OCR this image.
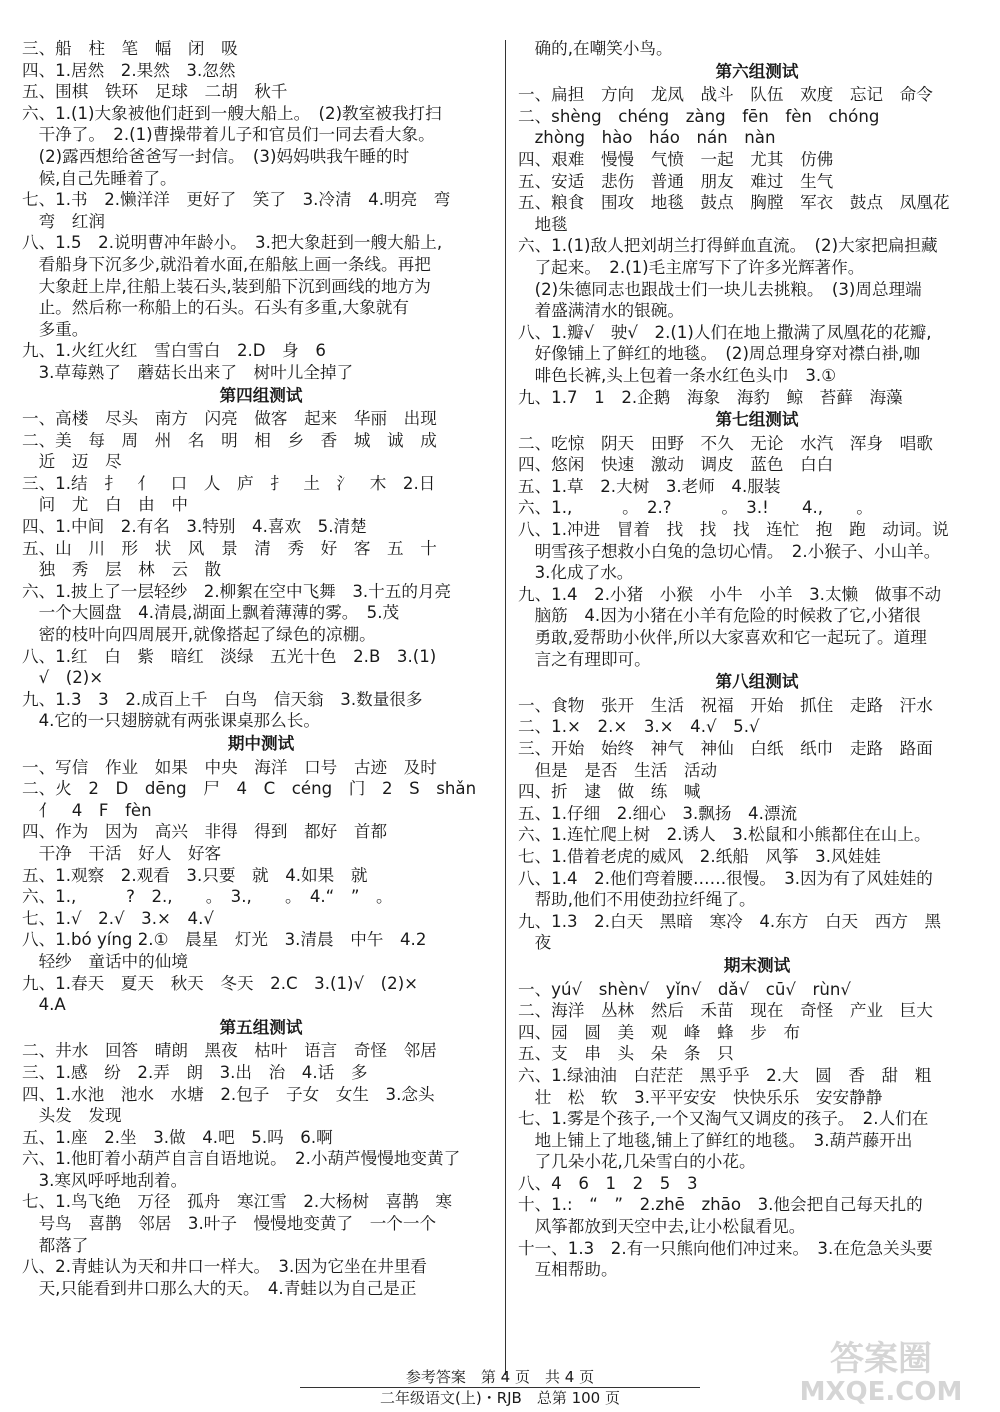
三、船　柱　笔　幅　闭　吸
四、1.居然　2.果然　3.忽然
五、围棋　铁环　足球　二胡　秋千
六、1.(1)大象被他们赶到一艘大船上。　(2)教室被我打扫
　干净了。　2.(1)曹操带着儿子和官员们一同去看大象。
　(2)露西想给爸爸写一封信。　(3)妈妈哄我午睡的时
　候,自己先睡着了。
七、1.书　2.懒洋洋　更好了　笑了　3.冷清　4.明亮　弯
　弯　红润
八、1.5　2.说明曹冲年龄小。　3.把大象赶到一艘大船上,
　看船身下沉多少,就沿着水面,在船舷上画一条线。再把
　大象赶上岸,往船上装石头,装到船下沉到画线的地方为
　止。然后称一称船上的石头。石头有多重,大象就有
　多重。
九、1.火红火红　雪白雪白　2.D　身　6
　3.草莓熟了　蘑菇长出来了　树叶儿全掉了
第四组测试
一、高楼　尽头　南方　闪亮　做客　起来　华丽　出现
二、美　每　周　州　名　明　相　乡　香　城　诚　成
　近　迈　尽
三、1.结　扌　亻　口　人　庐　扌　土　氵　木　2.日
　问　尤　白　由　中
四、1.中间　2.有名　3.特别　4.喜欢　5.清楚
五、山　川　形　状　风　景　清　秀　好　客　五　十
　独　秀　层　林　云　散
六、1.披上了一层轻纱　2.柳絮在空中飞舞　3.十五的月亮
　一个大圆盘　4.清晨,湖面上飘着薄薄的雾。　5.茂
　密的枝叶向四周展开,就像搭起了绿色的凉棚。
八、1.红　白　紫　暗红　淡绿　五光十色　2.B　3.(1)
　√　(2)×
九、1.3　3　2.成百上千　白鸟　信天翁　3.数量很多
　4.它的一只翅膀就有两张课桌那么长。
期中测试
一、写信　作业　如果　中央　海洋　口号　古迹　及时
二、火　2　D　dēng　尸　4　C　céng　门　2　S　shǎn
　亻　4　F　fèn
四、作为　因为　高兴　非得　得到　都好　首都
　干净　干活　好人　好客
五、1.观察　2.观看　3.只要　就　4.如果　就
六、1.,　　　?　2.,　　。　3.,　　。　4.“　”　。
七、1.√　2.√　3.×　4.√
八、1.bó yíng 2.①　晨星　灯光　3.清晨　中午　4.2
　轻纱　童话中的仙境
九、1.春天　夏天　秋天　冬天　2.C　3.(1)√　(2)×
　4.A
第五组测试
二、井水　回答　晴朗　黑夜　枯叶　语言　奇怪　邻居
三、1.感　纷　2.弄　朗　3.出　治　4.话　多
四、1.水池　池水　水塘　2.包子　子女　女生　3.念头
　头发　发现
五、1.座　2.坐　3.做　4.吧　5.吗　6.啊
六、1.他盯着小葫芦自言自语地说。　2.小葫芦慢慢地变黄了
　3.寒风呼呼地刮着。
七、1.鸟飞绝　万径　孤舟　寒江雪　2.大杨树　喜鹊　寒
　号鸟　喜鹊　邻居　3.叶子　慢慢地变黄了　一个一个
　都落了
八、2.青蛙认为天和井口一样大。　3.因为它坐在井里看
　天,只能看到井口那么大的天。　4.青蛙以为自己是正
　确的,在嘲笑小鸟。
第六组测试
一、扁担　方向　龙凤　战斗　队伍　欢度　忘记　命令
二、shèng　chéng　zàng　fēn　fèn　chóng
　zhòng　hào　háo　nán　nàn
四、艰难　慢慢　气愤　一起　尤其　仿佛
五、安适　悲伤　普通　朋友　难过　生气
五、粮食　围攻　地毯　鼓点　胸膛　军衣　鼓点　凤凰花
　地毯
六、1.(1)敌人把刘胡兰打得鲜血直流。　(2)大家把扁担藏
　了起来。　2.(1)毛主席写下了许多光辉著作。
　(2)朱德同志也跟战士们一块儿去挑粮。　(3)周总理端
　着盛满清水的银碗。
八、1.瓣√　驶√　2.(1)人们在地上撒满了凤凰花的花瓣,
　好像铺上了鲜红的地毯。　(2)周总理身穿对襟白褂,咖
　啡色长裤,头上包着一条水红色头巾　3.①
九、1.7　1　2.企鹅　海象　海豹　鲸　苔藓　海藻
第七组测试
二、吃惊　阴天　田野　不久　无论　水汽　浑身　唱歌
四、悠闲　快速　激动　调皮　蓝色　白白
五、1.草　2.大树　3.老师　4.服装
六、1.,　　　。　2.?　　　。　3.!　　4.,　　。
八、1.冲进　冒着　找　找　找　连忙　抱　跑　动词。说
　明雪孩子想救小白兔的急切心情。　2.小猴子、小山羊。
　3.化成了水。
九、1.4　2.小猪　小猴　小牛　小羊　3.太懒　做事不动
　脑筋　4.因为小猪在小羊有危险的时候救了它,小猪很
　勇敢,爱帮助小伙伴,所以大家喜欢和它一起玩了。道理
　言之有理即可。
第八组测试
一、食物　张开　生活　祝福　开始　抓住　走路　汗水
二、1.×　2.×　3.×　4.√　5.√
三、开始　始终　神气　神仙　白纸　纸巾　走路　路面
　但是　是否　生活　活动
四、折　逮　做　练　喊
五、1.仔细　2.细心　3.飘扬　4.漂流
六、1.连忙爬上树　2.诱人　3.松鼠和小熊都住在山上。
七、1.借着老虎的威风　2.纸船　风筝　3.风娃娃
八、1.4　2.他们弯着腰……很慢。　3.因为有了风娃娃的
　帮助,他们不用使劲拉纤绳了。
九、1.3　2.白天　黑暗　寒冷　4.东方　白天　西方　黑
　夜
期末测试
一、yú√　shèn√　yǐn√　dǎ√　cū√　rùn√
二、海洋　丛林　然后　禾苗　现在　奇怪　产业　巨大
四、园　圆　美　观　峰　蜂　步　布
五、支　串　头　朵　条　只
六、1.绿油油　白茫茫　黑乎乎　2.大　圆　香　甜　粗
　壮　松　软　3.平平安安　快快乐乐　安安静静
七、1.雾是个孩子,一个又淘气又调皮的孩子。　2.人们在
　地上铺上了地毯,铺上了鲜红的地毯。　3.葫芦藤开出
　了几朵小花,几朵雪白的小花。
八、4　6　1　2　5　3
十、1.:　“　”　2.zhē　zhāo　3.他会把自己每天扎的
　风筝都放到天空中去,让小松鼠看见。
十一、1.3　2.有一只熊向他们冲过来。　3.在危急关头要
　互相帮助。
参考答案　第 4 页　共 4 页
二年级语文(上)・RJB　总第 100 页
答案圈
MXQE.COM
